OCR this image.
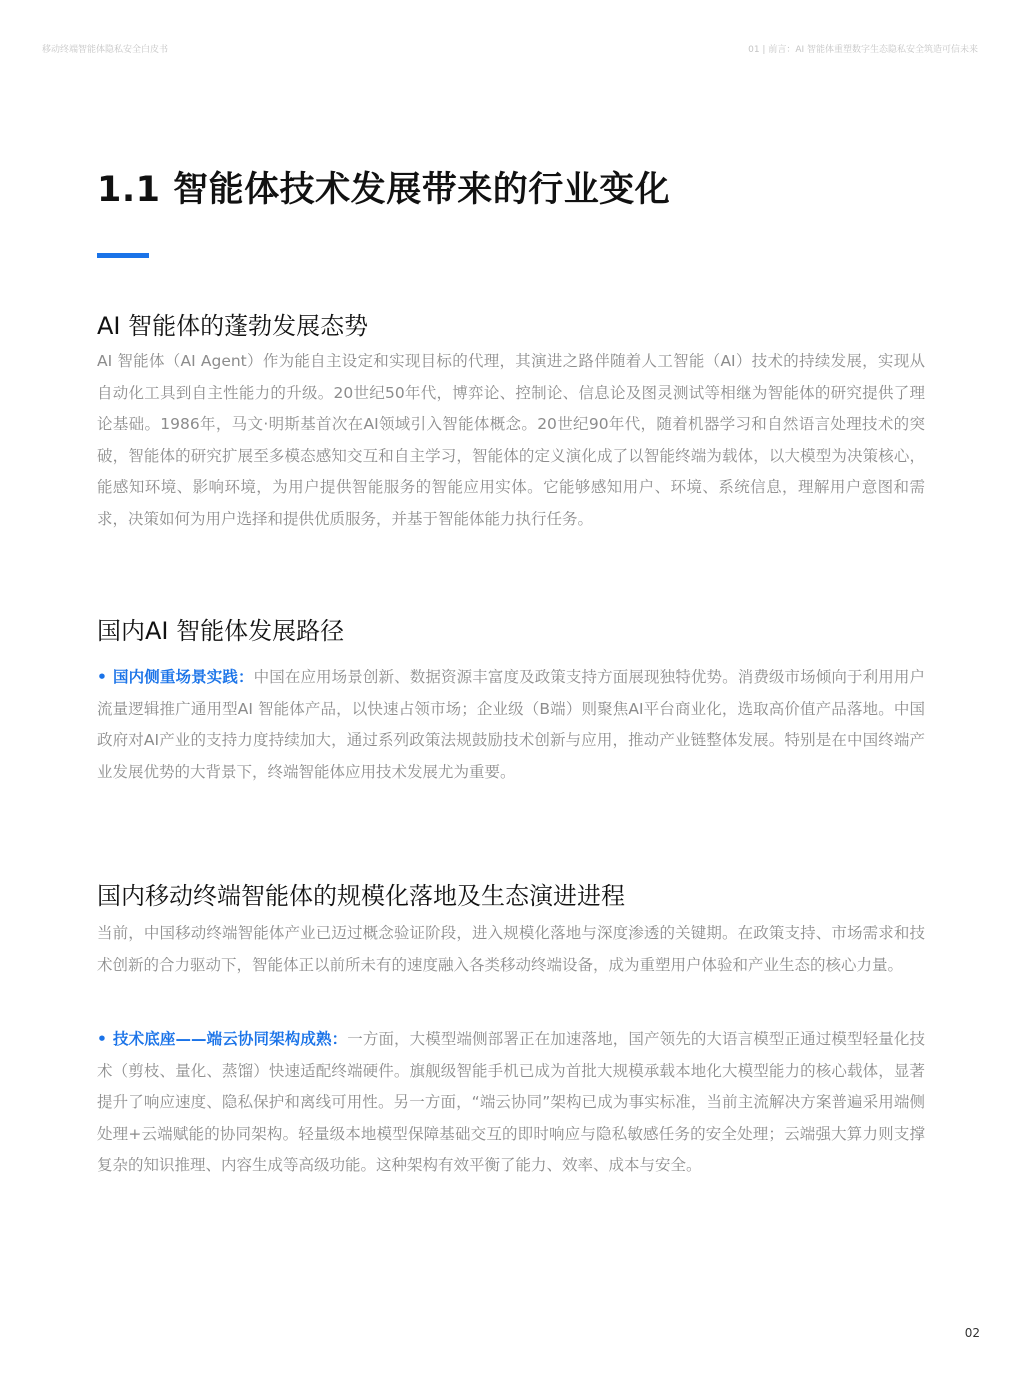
移动终端智能体隐私安全白皮书	01 | 前言：AI 智能体重塑数字生态隐私安全筑造可信未来
1.1 智能体技术发展带来的行业变化
AI 智能体的蓬勃发展态势

AI 智能体（AI Agent）作为能自主设定和实现目标的代理，其演进之路伴随着人工智能（AI）技术的持续发展，实现从自动化工具到自主性能力的升级。20世纪50年代，博弈论、控制论、信息论及图灵测试等相继为智能体的研究提供了理论基础。1986年，马文·明斯基首次在AI领域引入智能体概念。20世纪90年代，随着机器学习和自然语言处理技术的突破，智能体的研究扩展至多模态感知交互和自主学习，智能体的定义演化成了以智能终端为载体，以大模型为决策核心，能感知环境、影响环境，为用户提供智能服务的智能应用实体。它能够感知用户、环境、系统信息，理解用户意图和需求，决策如何为用户选择和提供优质服务，并基于智能体能力执行任务。

国内AI 智能体发展路径

• 国内侧重场景实践：中国在应用场景创新、数据资源丰富度及政策支持方面展现独特优势。消费级市场倾向于利用用户流量逻辑推广通用型AI 智能体产品，以快速占领市场；企业级（B端）则聚焦AI平台商业化，选取高价值产品落地。中国政府对AI产业的支持力度持续加大，通过系列政策法规鼓励技术创新与应用，推动产业链整体发展。特别是在中国终端产业发展优势的大背景下，终端智能体应用技术发展尤为重要。

国内移动终端智能体的规模化落地及生态演进进程

当前，中国移动终端智能体产业已迈过概念验证阶段，进入规模化落地与深度渗透的关键期。在政策支持、市场需求和技术创新的合力驱动下，智能体正以前所未有的速度融入各类移动终端设备，成为重塑用户体验和产业生态的核心力量。

• 技术底座——端云协同架构成熟：一方面，大模型端侧部署正在加速落地，国产领先的大语言模型正通过模型轻量化技术（剪枝、量化、蒸馏）快速适配终端硬件。旗舰级智能手机已成为首批大规模承载本地化大模型能力的核心载体，显著提升了响应速度、隐私保护和离线可用性。另一方面，“端云协同”架构已成为事实标准，当前主流解决方案普遍采用端侧处理+云端赋能的协同架构。轻量级本地模型保障基础交互的即时响应与隐私敏感任务的安全处理；云端强大算力则支撑复杂的知识推理、内容生成等高级功能。这种架构有效平衡了能力、效率、成本与安全。

02
